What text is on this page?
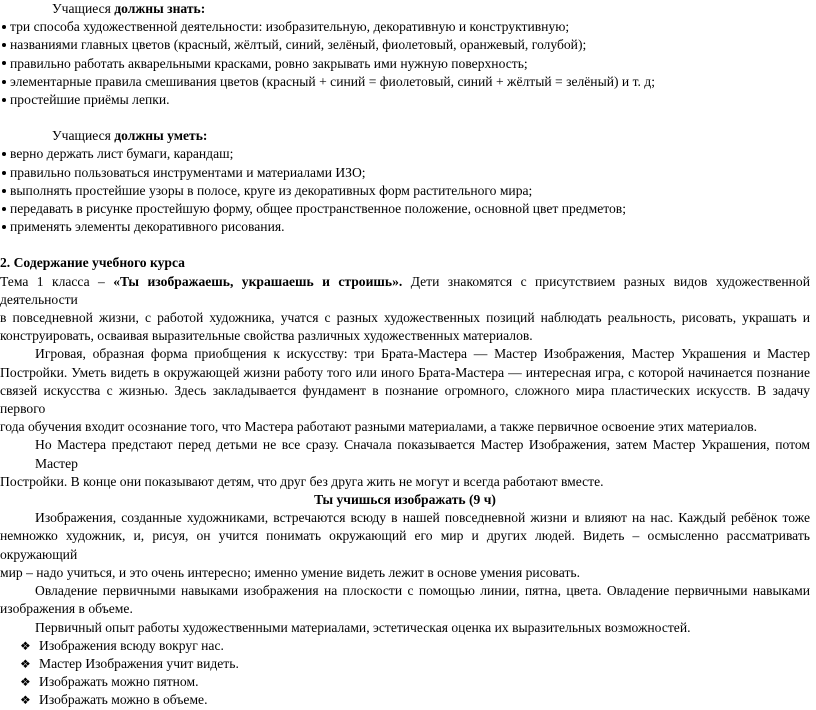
Учащиеся должны знать:
три способа художественной деятельности: изобразительную, декоративную и конструктивную;
названиями главных цветов (красный, жёлтый, синий, зелёный, фиолетовый, оранжевый, голубой);
правильно работать акварельными красками, ровно закрывать ими нужную поверхность;
элементарные правила смешивания цветов (красный + синий = фиолетовый, синий + жёлтый = зелёный) и т. д;
простейшие приёмы лепки.
Учащиеся должны уметь:
верно держать лист бумаги, карандаш;
правильно пользоваться инструментами и материалами ИЗО;
выполнять простейшие узоры в полосе, круге из декоративных форм растительного мира;
передавать в рисунке простейшую форму, общее пространственное положение, основной цвет предметов;
применять элементы декоративного рисования.
2. Содержание учебного курса
Тема 1 класса – «Ты изображаешь, украшаешь и строишь». Дети знакомятся с присутствием разных видов художественной деятельности
в повседневной жизни, с работой художника, учатся с разных художественных позиций наблюдать реальность, рисовать, украшать и
конструировать, осваивая выразительные свойства различных художественных материалов.
Игровая, образная форма приобщения к искусству: три Брата-Мастера — Мастер Изображения, Мастер Украшения и Мастер
Постройки. Уметь видеть в окружающей жизни работу того или иного Брата-Мастера — интересная игра, с которой начинается познание
связей искусства с жизнью. Здесь закладывается фундамент в познание огромного, сложного мира пластических искусств. В задачу первого
года обучения входит осознание того, что Мастера работают разными материалами, а также первичное освоение этих материалов.
Но Мастера предстают перед детьми не все сразу. Сначала показывается Мастер Изображения, затем Мастер Украшения, потом Мастер
Постройки. В конце они показывают детям, что друг без друга жить не могут и всегда работают вместе.
Ты учишься изображать (9 ч)
Изображения, созданные художниками, встречаются всюду в нашей повседневной жизни и влияют на нас. Каждый ребёнок тоже
немножко художник, и, рисуя, он учится понимать окружающий его мир и других людей. Видеть – осмысленно рассматривать окружающий
мир – надо учиться, и это очень интересно; именно умение видеть лежит в основе умения рисовать.
Овладение первичными навыками изображения на плоскости с помощью линии, пятна, цвета. Овладение первичными навыками
изображения в объеме.
Первичный опыт работы художественными материалами, эстетическая оценка их выразительных возможностей.
❖ Изображения всюду вокруг нас.
❖ Мастер Изображения учит видеть.
❖ Изображать можно пятном.
❖ Изображать можно в объеме.
